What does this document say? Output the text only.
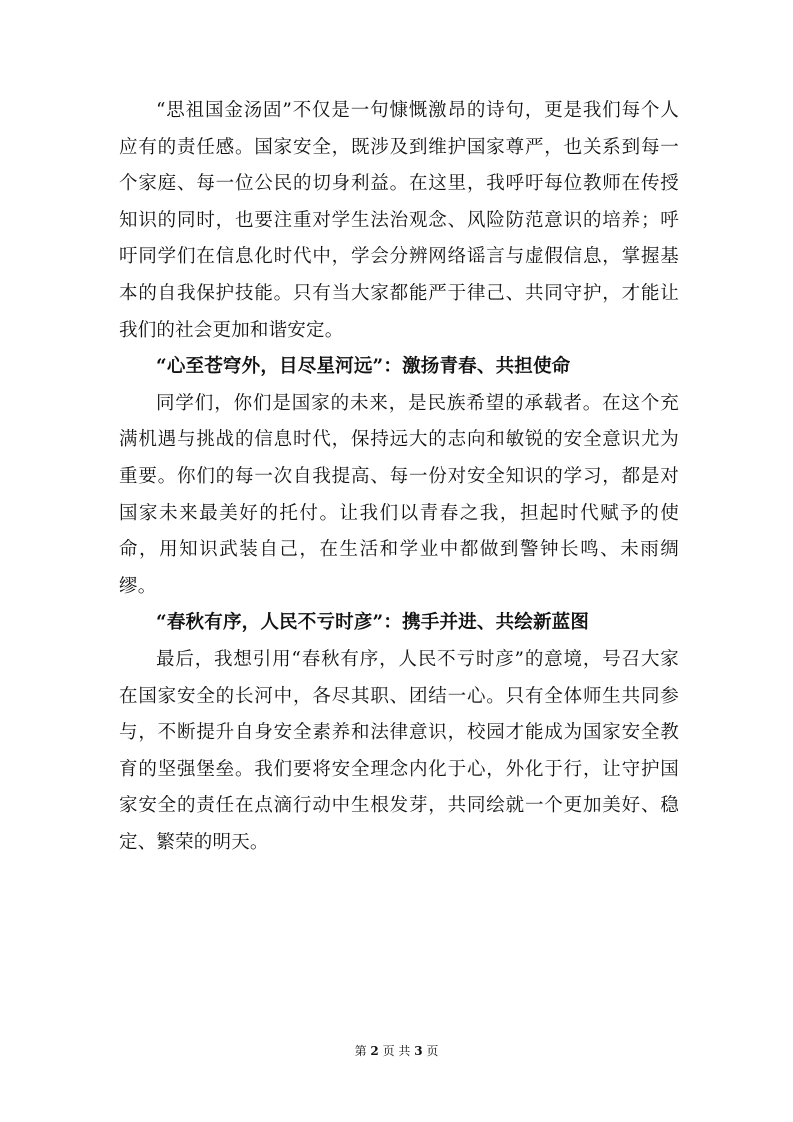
“思祖国金汤固”不仅是一句慷慨激昂的诗句，更是我们每个人应有的责任感。国家安全，既涉及到维护国家尊严，也关系到每一个家庭、每一位公民的切身利益。在这里，我呼吁每位教师在传授知识的同时，也要注重对学生法治观念、风险防范意识的培养；呼吁同学们在信息化时代中，学会分辨网络谣言与虚假信息，掌握基本的自我保护技能。只有当大家都能严于律己、共同守护，才能让我们的社会更加和谐安定。

“心至苍穹外，目尽星河远”：激扬青春、共担使命

同学们，你们是国家的未来，是民族希望的承载者。在这个充满机遇与挑战的信息时代，保持远大的志向和敏锐的安全意识尤为重要。你们的每一次自我提高、每一份对安全知识的学习，都是对国家未来最美好的托付。让我们以青春之我，担起时代赋予的使命，用知识武装自己，在生活和学业中都做到警钟长鸣、未雨绸缪。

“春秋有序，人民不亏时彦”：携手并进、共绘新蓝图

最后，我想引用“春秋有序，人民不亏时彦”的意境，号召大家在国家安全的长河中，各尽其职、团结一心。只有全体师生共同参与，不断提升自身安全素养和法律意识，校园才能成为国家安全教育的坚强堡垒。我们要将安全理念内化于心，外化于行，让守护国家安全的责任在点滴行动中生根发芽，共同绘就一个更加美好、稳定、繁荣的明天。

第 2 页 共 3 页
